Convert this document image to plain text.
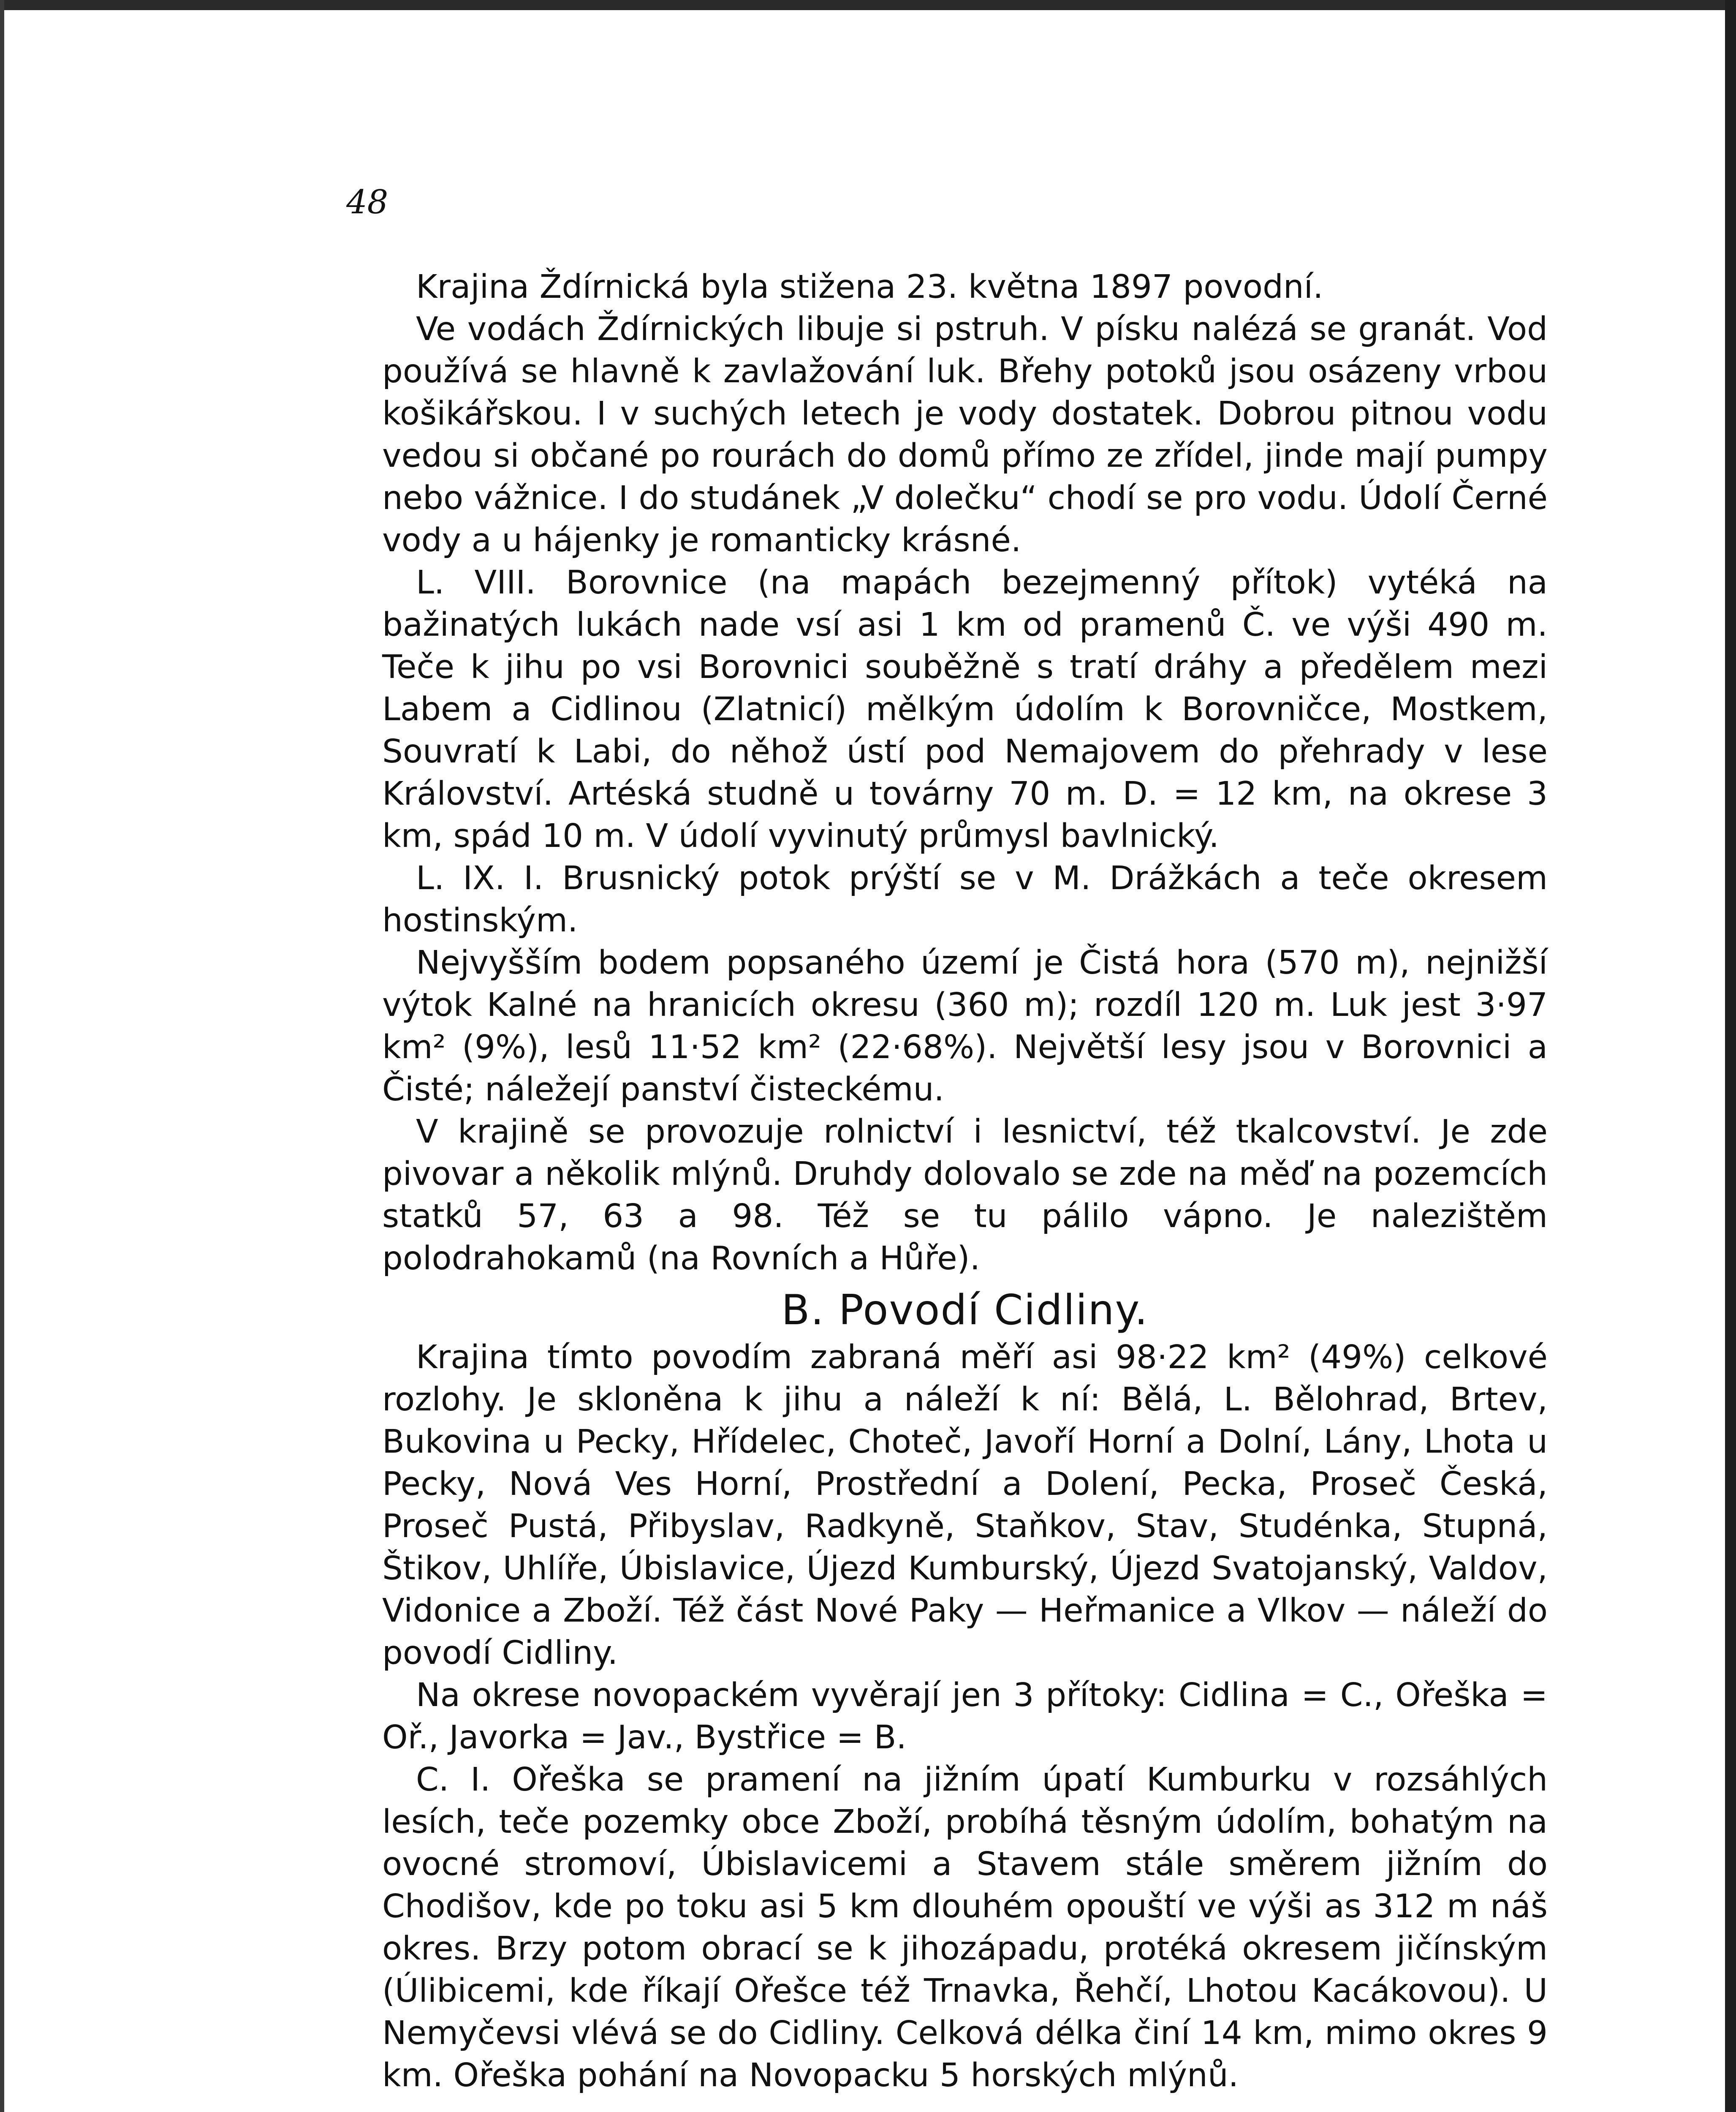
48

Krajina Ždírnická byla stižena 23. května 1897 povodní.

Ve vodách Ždírnických libuje si pstruh. V písku nalézá se granát. Vod používá se hlavně k zavlažování luk. Břehy potoků jsou osázeny vrbou košikářskou. I v suchých letech je vody dostatek. Dobrou pitnou vodu vedou si občané po rourách do domů přímo ze zřídel, jinde mají pumpy nebo vážnice. I do studánek „V dolečku“ chodí se pro vodu. Údolí Černé vody a u hájenky je romanticky krásné.

L. VIII. Borovnice (na mapách bezejmenný přítok) vytéká na bažinatých lukách nade vsí asi 1 km od pramenů Č. ve výši 490 m. Teče k jihu po vsi Borovnici souběžně s tratí dráhy a předělem mezi Labem a Cidlinou (Zlatnicí) mělkým údolím k Borovničce, Mostkem, Souvratí k Labi, do něhož ústí pod Nemajovem do přehrady v lese Království. Artéská studně u továrny 70 m. D. = 12 km, na okrese 3 km, spád 10 m. V údolí vyvinutý průmysl bavlnický.

L. IX. I. Brusnický potok prýští se v M. Drážkách a teče okresem hostinským.

Nejvyšším bodem popsaného území je Čistá hora (570 m), nejnižší výtok Kalné na hranicích okresu (360 m); rozdíl 120 m. Luk jest 3·97 km² (9%), lesů 11·52 km² (22·68%). Největší lesy jsou v Borovnici a Čisté; náležejí panství čisteckému.

V krajině se provozuje rolnictví i lesnictví, též tkalcovství. Je zde pivovar a několik mlýnů. Druhdy dolovalo se zde na měď na pozemcích statků 57, 63 a 98. Též se tu pálilo vápno. Je nalezištěm polodrahokamů (na Rovních a Hůře).

B. Povodí Cidliny.

Krajina tímto povodím zabraná měří asi 98·22 km² (49%) celkové rozlohy. Je skloněna k jihu a náleží k ní: Bělá, L. Bělohrad, Brtev, Bukovina u Pecky, Hřídelec, Choteč, Javoří Horní a Dolní, Lány, Lhota u Pecky, Nová Ves Horní, Prostřední a Dolení, Pecka, Proseč Česká, Proseč Pustá, Přibyslav, Radkyně, Staňkov, Stav, Studénka, Stupná, Štikov, Uhlíře, Úbislavice, Újezd Kumburský, Újezd Svatojanský, Valdov, Vidonice a Zboží. Též část Nové Paky — Heřmanice a Vlkov — náleží do povodí Cidliny.

Na okrese novopackém vyvěrají jen 3 přítoky: Cidlina = C., Ořeška = Oř., Javorka = Jav., Bystřice = B.

C. I. Ořeška se pramení na jižním úpatí Kumburku v rozsáhlých lesích, teče pozemky obce Zboží, probíhá těsným údolím, bohatým na ovocné stromoví, Úbislavicemi a Stavem stále směrem jižním do Chodišov, kde po toku asi 5 km dlouhém opouští ve výši as 312 m náš okres. Brzy potom obrací se k jihozápadu, protéká okresem jičínským (Úlibicemi, kde říkají Ořešce též Trnavka, Řehčí, Lhotou Kacákovou). U Nemyčevsi vlévá se do Cidliny. Celková délka činí 14 km, mimo okres 9 km. Ořeška pohání na Novopacku 5 horských mlýnů.
